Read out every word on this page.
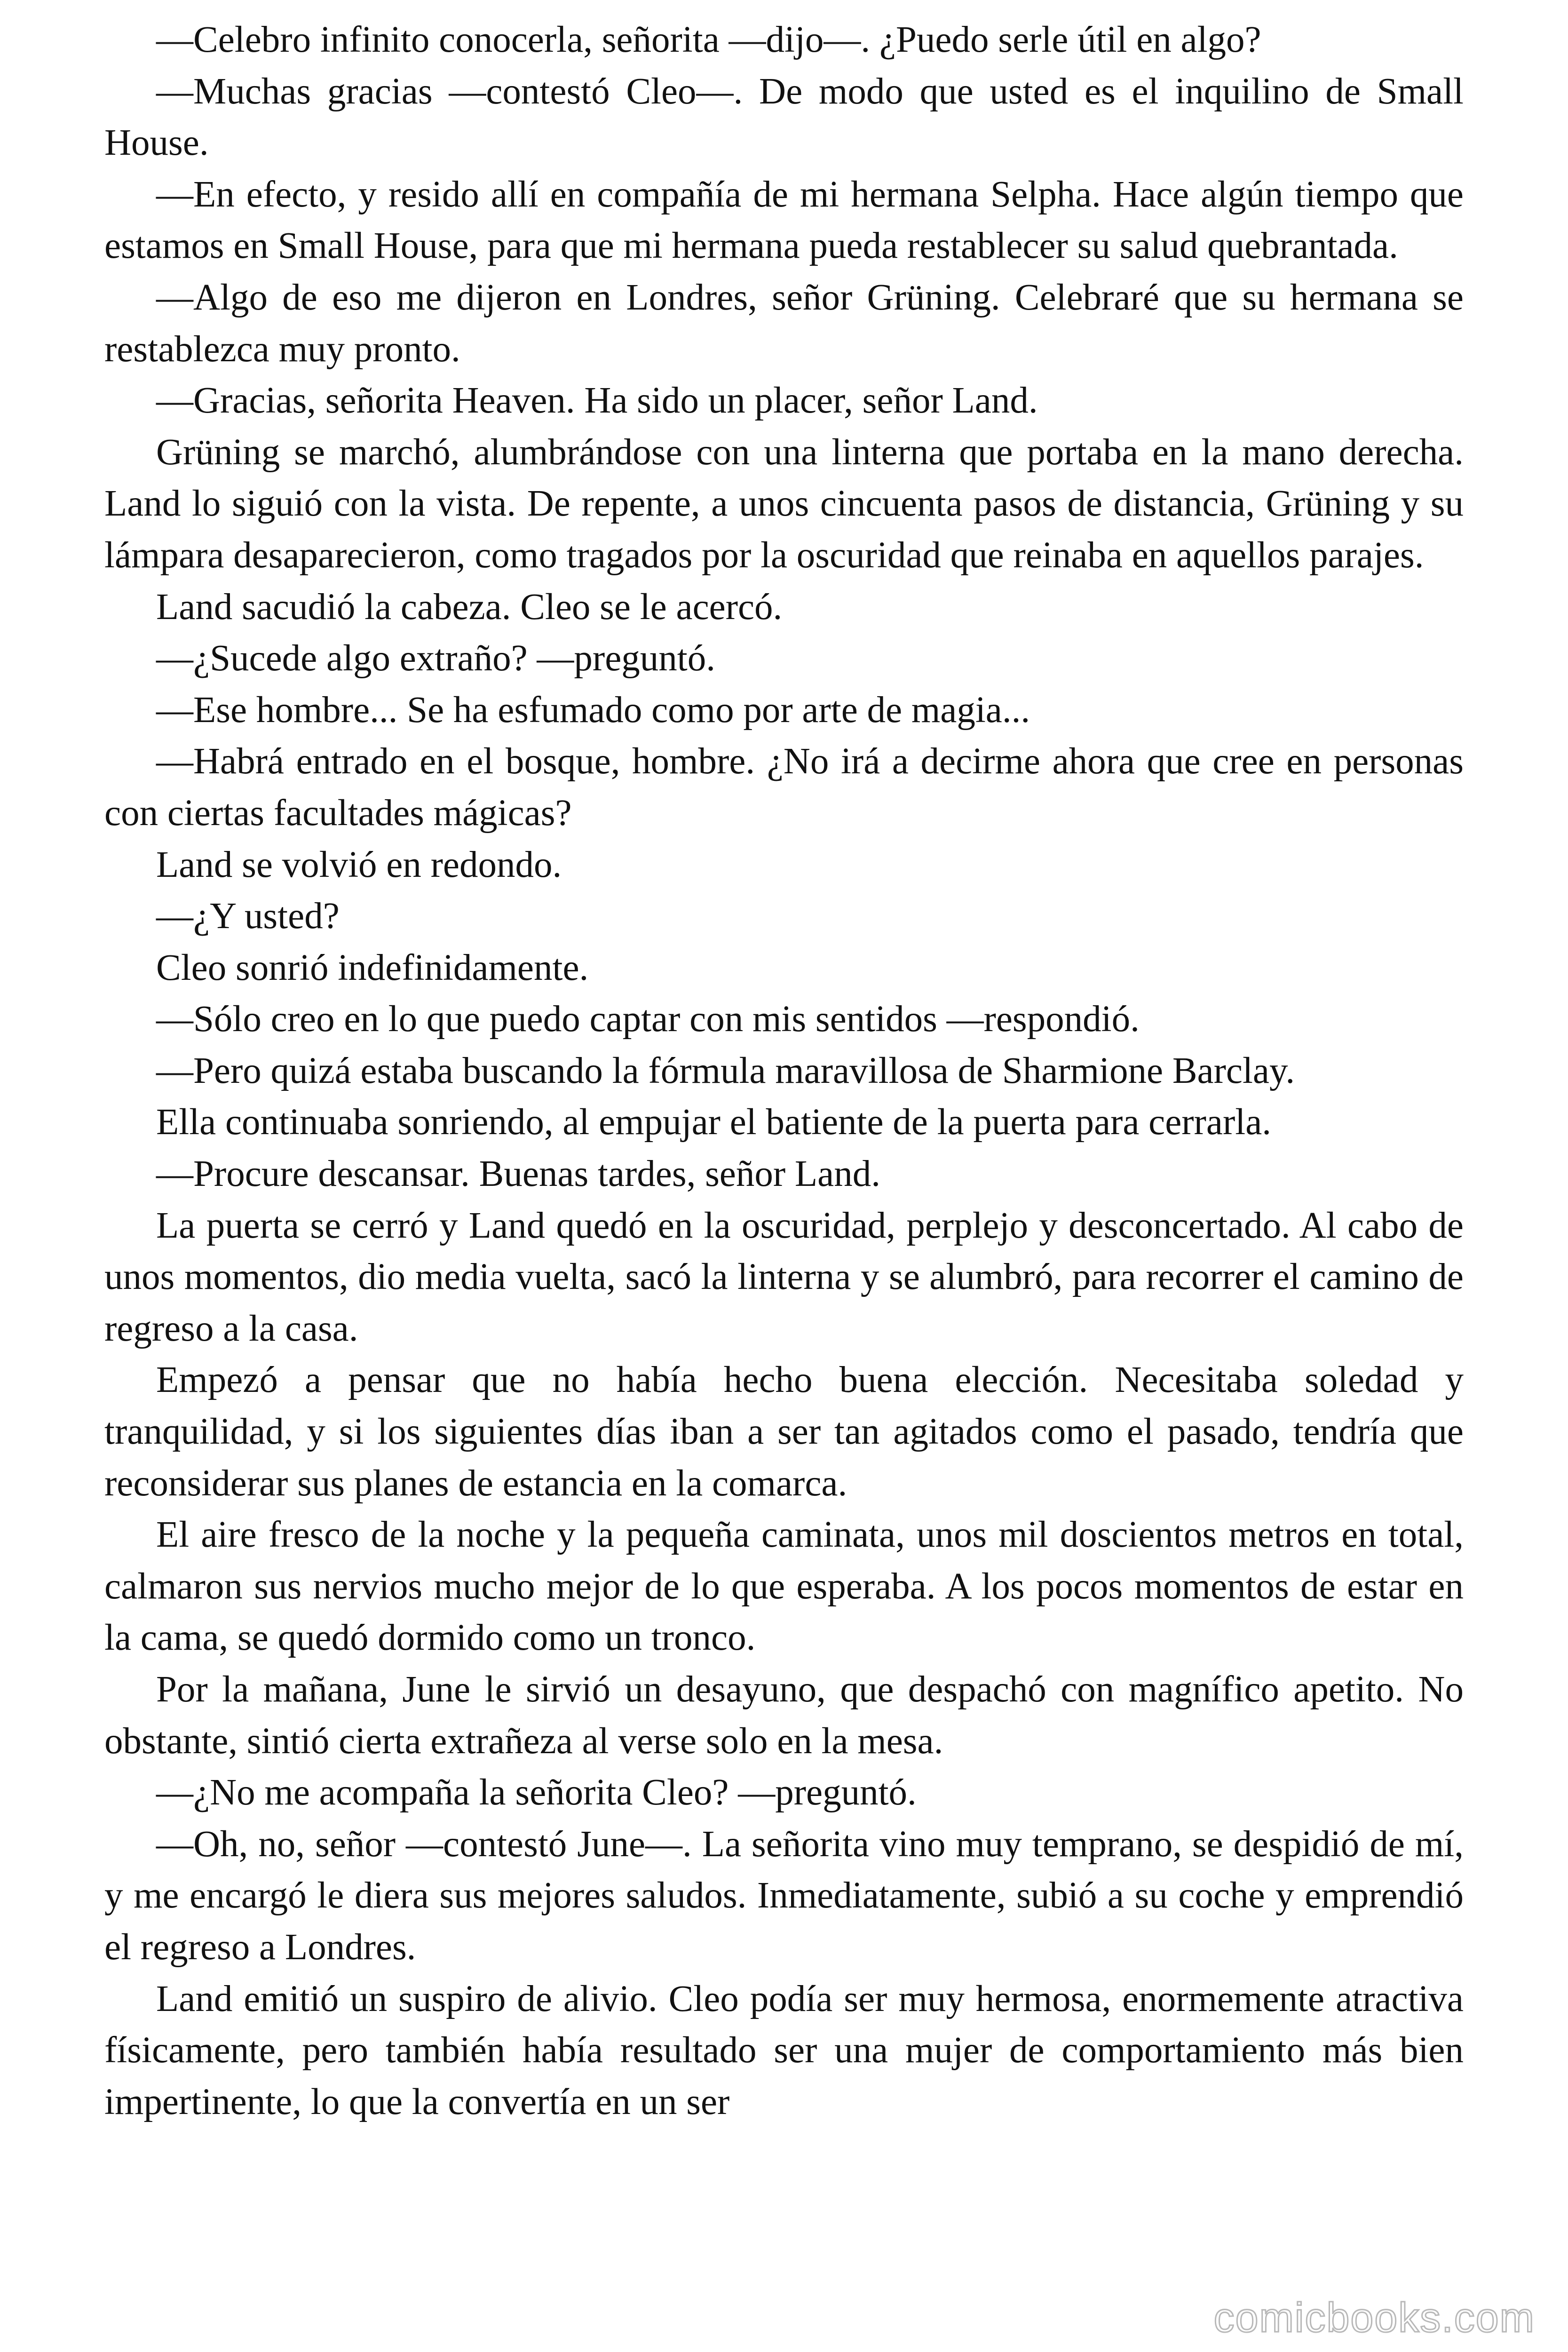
—Celebro infinito conocerla, señorita —dijo—. ¿Puedo serle útil en algo?

—Muchas gracias —contestó Cleo—. De modo que usted es el inquilino de Small House.

—En efecto, y resido allí en compañía de mi hermana Selpha. Hace algún tiempo que estamos en Small House, para que mi hermana pueda restablecer su salud quebrantada.

—Algo de eso me dijeron en Londres, señor Grüning. Celebraré que su hermana se restablezca muy pronto.

—Gracias, señorita Heaven. Ha sido un placer, señor Land.

Grüning se marchó, alumbrándose con una linterna que portaba en la mano derecha. Land lo siguió con la vista. De repente, a unos cincuenta pasos de distancia, Grüning y su lámpara desaparecieron, como tragados por la oscuridad que reinaba en aquellos parajes.

Land sacudió la cabeza. Cleo se le acercó.

—¿Sucede algo extraño? —preguntó.

—Ese hombre... Se ha esfumado como por arte de magia...

—Habrá entrado en el bosque, hombre. ¿No irá a decirme ahora que cree en personas con ciertas facultades mágicas?

Land se volvió en redondo.

—¿Y usted?

Cleo sonrió indefinidamente.

—Sólo creo en lo que puedo captar con mis sentidos —respondió.

—Pero quizá estaba buscando la fórmula maravillosa de Sharmione Barclay.

Ella continuaba sonriendo, al empujar el batiente de la puerta para cerrarla.

—Procure descansar. Buenas tardes, señor Land.

La puerta se cerró y Land quedó en la oscuridad, perplejo y desconcertado. Al cabo de unos momentos, dio media vuelta, sacó la linterna y se alumbró, para recorrer el camino de regreso a la casa.

Empezó a pensar que no había hecho buena elección. Necesitaba soledad y tranquilidad, y si los siguientes días iban a ser tan agitados como el pasado, tendría que reconsiderar sus planes de estancia en la comarca.

El aire fresco de la noche y la pequeña caminata, unos mil doscientos metros en total, calmaron sus nervios mucho mejor de lo que esperaba. A los pocos momentos de estar en la cama, se quedó dormido como un tronco.

Por la mañana, June le sirvió un desayuno, que despachó con magnífico apetito. No obstante, sintió cierta extrañeza al verse solo en la mesa.

—¿No me acompaña la señorita Cleo? —preguntó.

—Oh, no, señor —contestó June—. La señorita vino muy temprano, se despidió de mí, y me encargó le diera sus mejores saludos. Inmediatamente, subió a su coche y emprendió el regreso a Londres.

Land emitió un suspiro de alivio. Cleo podía ser muy hermosa, enormemente atractiva físicamente, pero también había resultado ser una mujer de comportamiento más bien impertinente, lo que la convertía en un ser

comicbooks.com
